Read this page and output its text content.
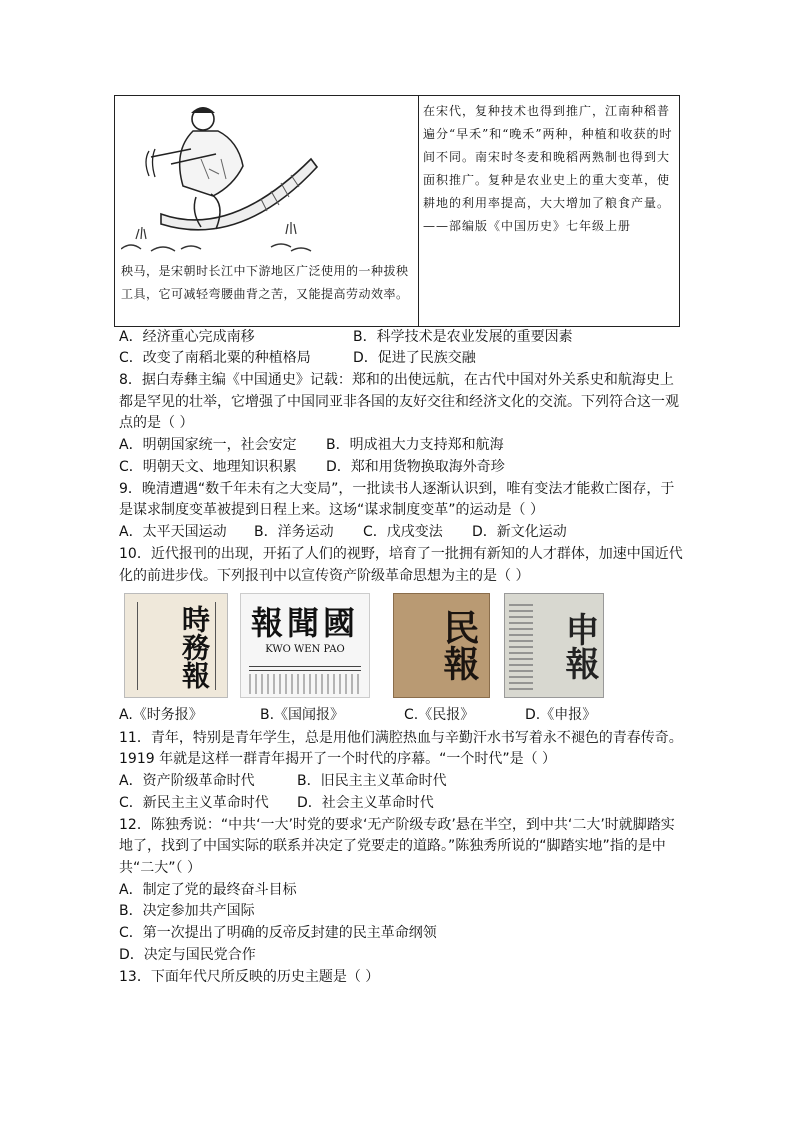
秧马，是宋朝时长江中下游地区广泛使用的一种拔秧工具，它可减轻弯腰曲背之苦，又能提高劳动效率。

在宋代，复种技术也得到推广，江南种稻普遍分“早禾”和“晚禾”两种，种植和收获的时间不同。南宋时冬麦和晚稻两熟制也得到大面积推广。复种是农业史上的重大变革，使耕地的利用率提高，大大增加了粮食产量。

——部编版《中国历史》七年级上册

A．经济重心完成南移	B．科学技术是农业发展的重要因素
C．改变了南稻北粟的种植格局	D．促进了民族交融
8．据白寿彝主编《中国通史》记载：郑和的出使远航，在古代中国对外关系史和航海史上
都是罕见的壮举，它增强了中国同亚非各国的友好交往和经济文化的交流。下列符合这一观
点的是（ ）
A．明朝国家统一，社会安定 B．明成祖大力支持郑和航海
C．明朝天文、地理知识积累 D．郑和用货物换取海外奇珍
9．晚清遭遇“数千年未有之大变局”，一批读书人逐渐认识到，唯有变法才能救亡图存，于
是谋求制度变革被提到日程上来。这场“谋求制度变革”的运动是（ ）
A．太平天国运动 B．洋务运动 C．戊戌变法 D．新文化运动
10．近代报刊的出现，开拓了人们的视野，培育了一批拥有新知的人才群体，加速中国近代
化的前进步伐。下列报刊中以宣传资产阶级革命思想为主的是（ ）
時務報 報聞國
KWO WEN PAO	民報	申報
A.《时务报》	B.《国闻报》	C.《民报》	D.《申报》
11．青年，特别是青年学生，总是用他们满腔热血与辛勤汗水书写着永不褪色的青春传奇。
1919 年就是这样一群青年揭开了一个时代的序幕。“一个时代”是（ ）
A．资产阶级革命时代	B．旧民主主义革命时代
C．新民主主义革命时代 D．社会主义革命时代
12．陈独秀说：“中共‘一大’时党的要求‘无产阶级专政’悬在半空，到中共‘二大’时就脚踏实
地了，找到了中国实际的联系并决定了党要走的道路。”陈独秀所说的“脚踏实地”指的是中
共“二大”（ ）
A．制定了党的最终奋斗目标
B．决定参加共产国际
C．第一次提出了明确的反帝反封建的民主革命纲领
D．决定与国民党合作
13．下面年代尺所反映的历史主题是（ ）
